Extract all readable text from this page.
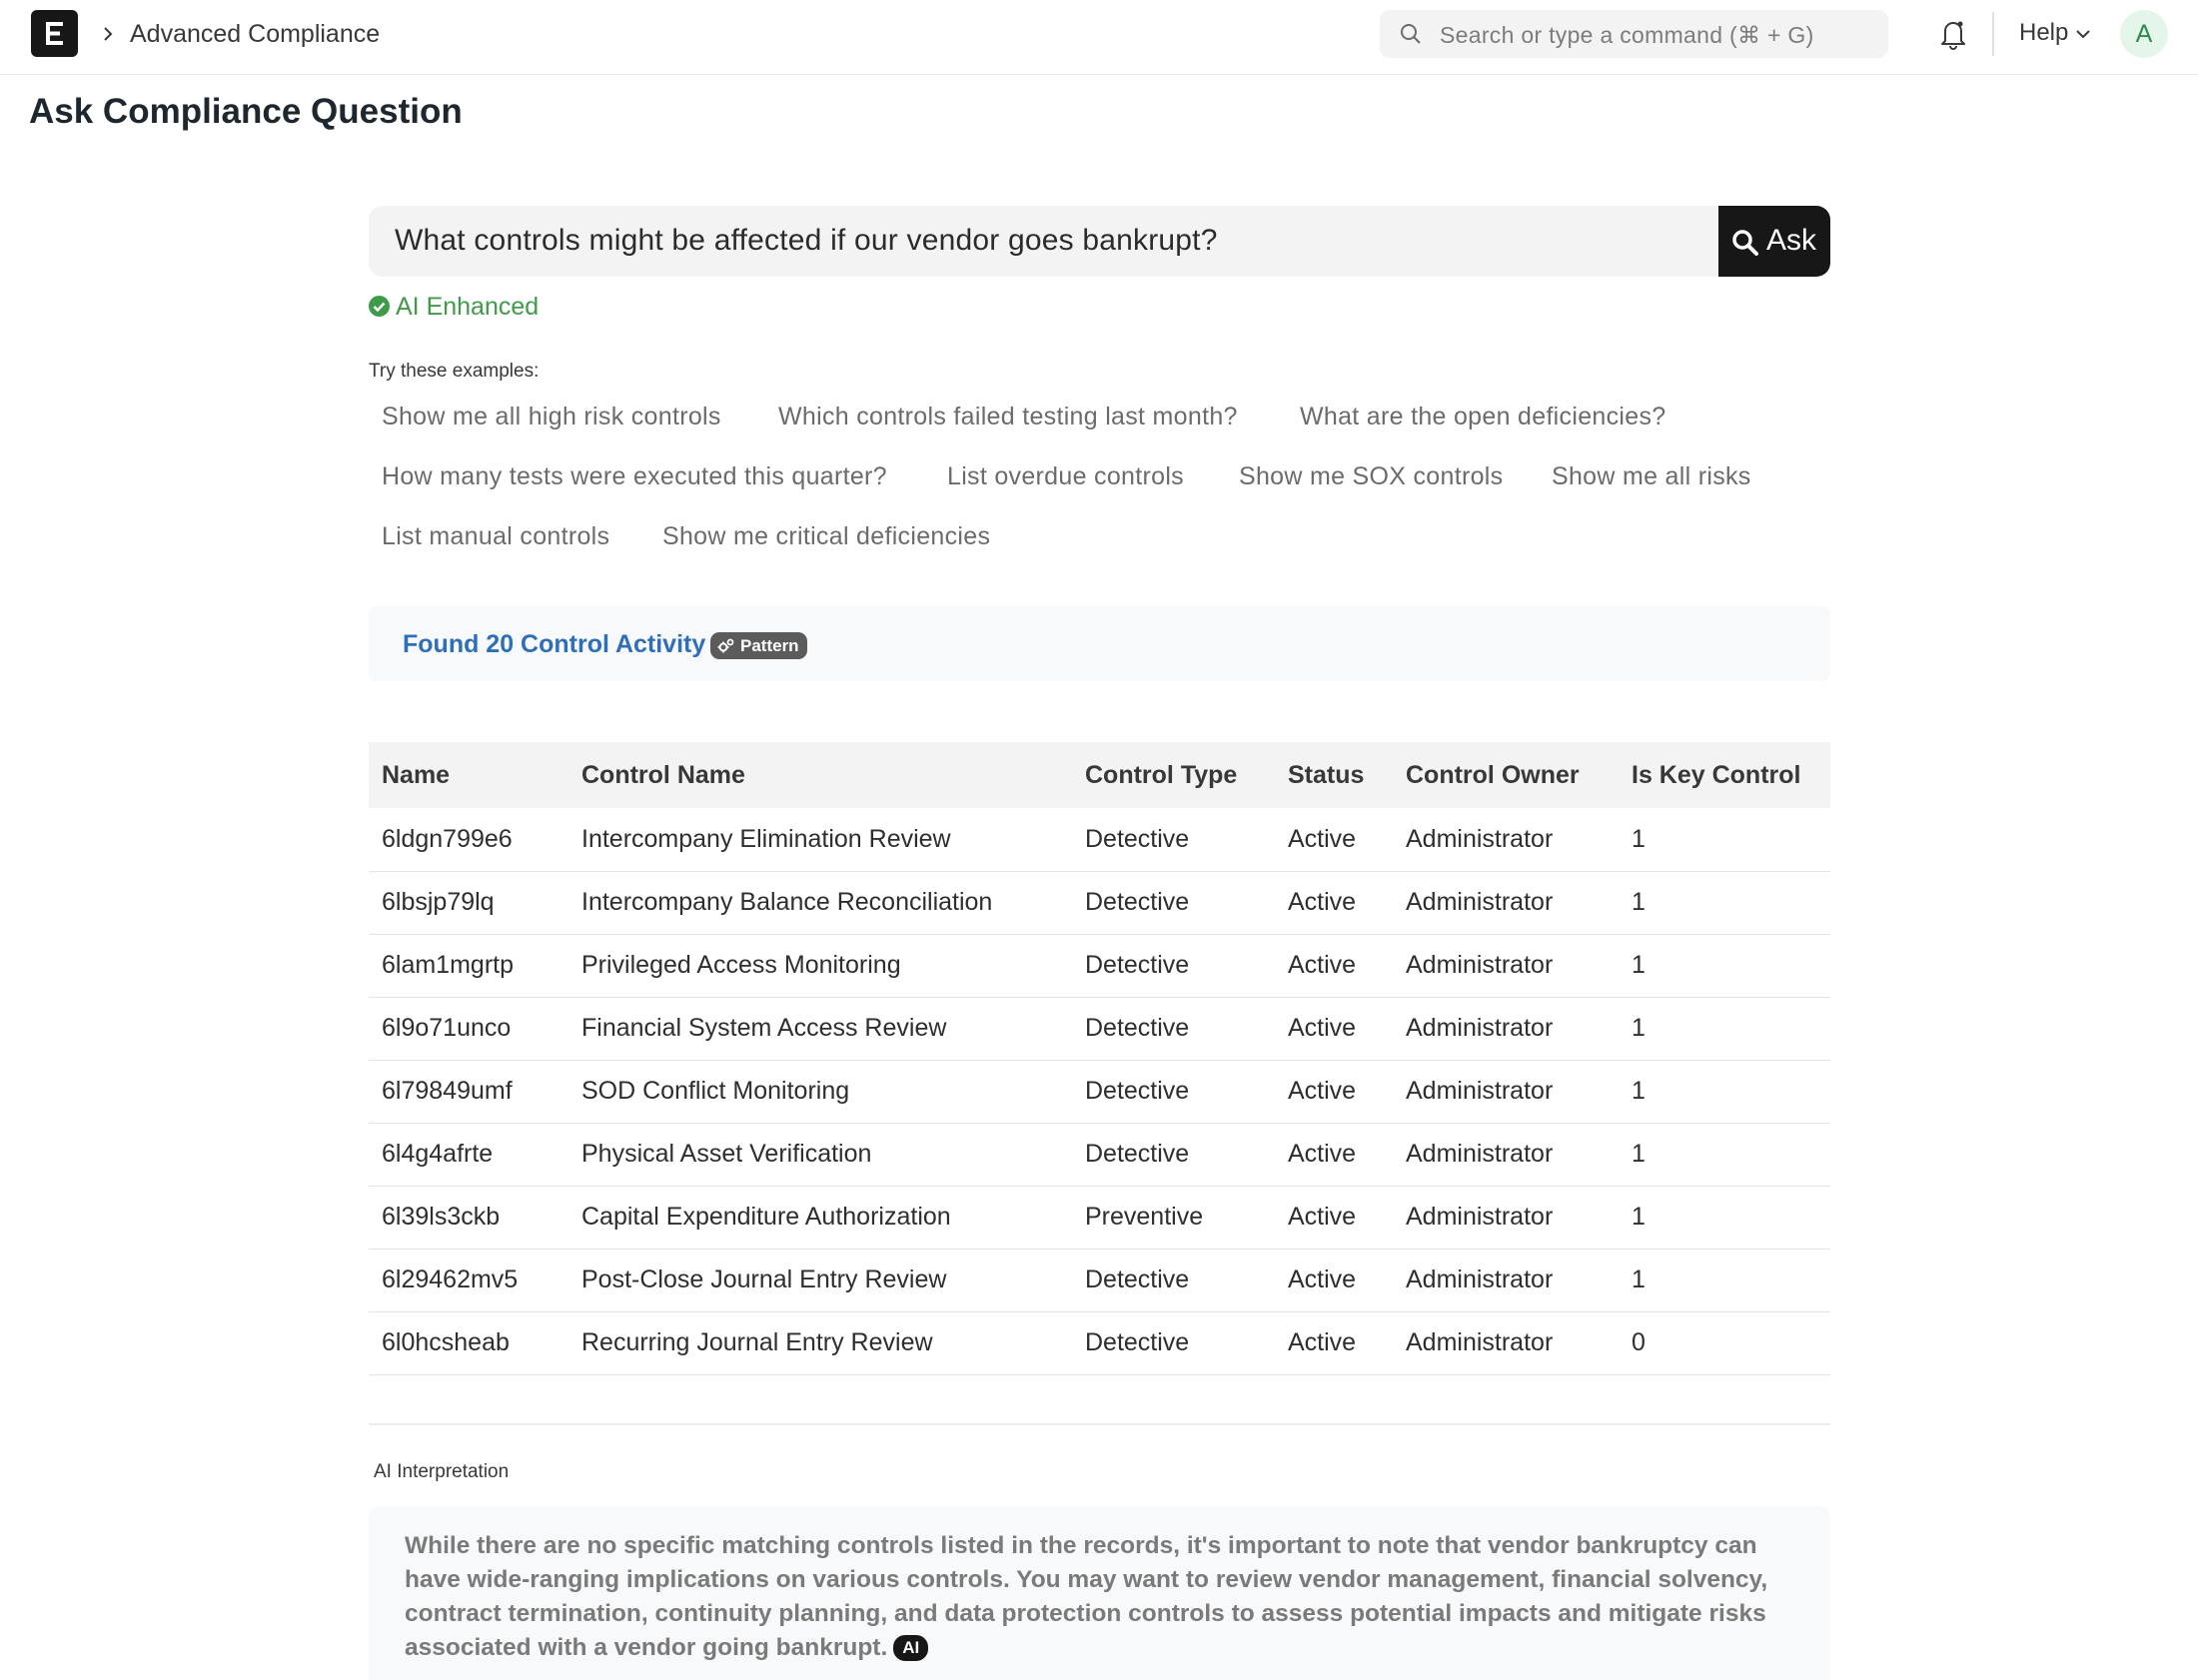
Advanced Compliance	Search or type a command (⌘ + G)	Help	A
Ask Compliance Question
What controls might be affected if our vendor goes bankrupt?	Ask
AI Enhanced
Try these examples:
Show me all high risk controls Which controls failed testing last month? What are the open deficiencies?
How many tests were executed this quarter? List overdue controls Show me SOX controls Show me all risks
List manual controls Show me critical deficiencies
Found 20 Control Activity	Pattern
Name	Control Name	Control Type	Status	Control Owner	Is Key Control
6ldgn799e6	Intercompany Elimination Review	Detective	Active	Administrator	1
6lbsjp79lq	Intercompany Balance Reconciliation	Detective	Active	Administrator	1
6lam1mgrtp	Privileged Access Monitoring	Detective	Active	Administrator	1
6l9o71unco	Financial System Access Review	Detective	Active	Administrator	1
6l79849umf	SOD Conflict Monitoring	Detective	Active	Administrator	1
6l4g4afrte	Physical Asset Verification	Detective	Active	Administrator	1
6l39ls3ckb	Capital Expenditure Authorization	Preventive	Active	Administrator	1
6l29462mv5	Post-Close Journal Entry Review	Detective	Active	Administrator	1
6l0hcsheab	Recurring Journal Entry Review	Detective	Active	Administrator	0
AI Interpretation
While there are no specific matching controls listed in the records, it's important to note that vendor bankruptcy can have wide-ranging implications on various controls. You may want to review vendor management, financial solvency, contract termination, continuity planning, and data protection controls to assess potential impacts and mitigate risks associated with a vendor going bankrupt. AI
